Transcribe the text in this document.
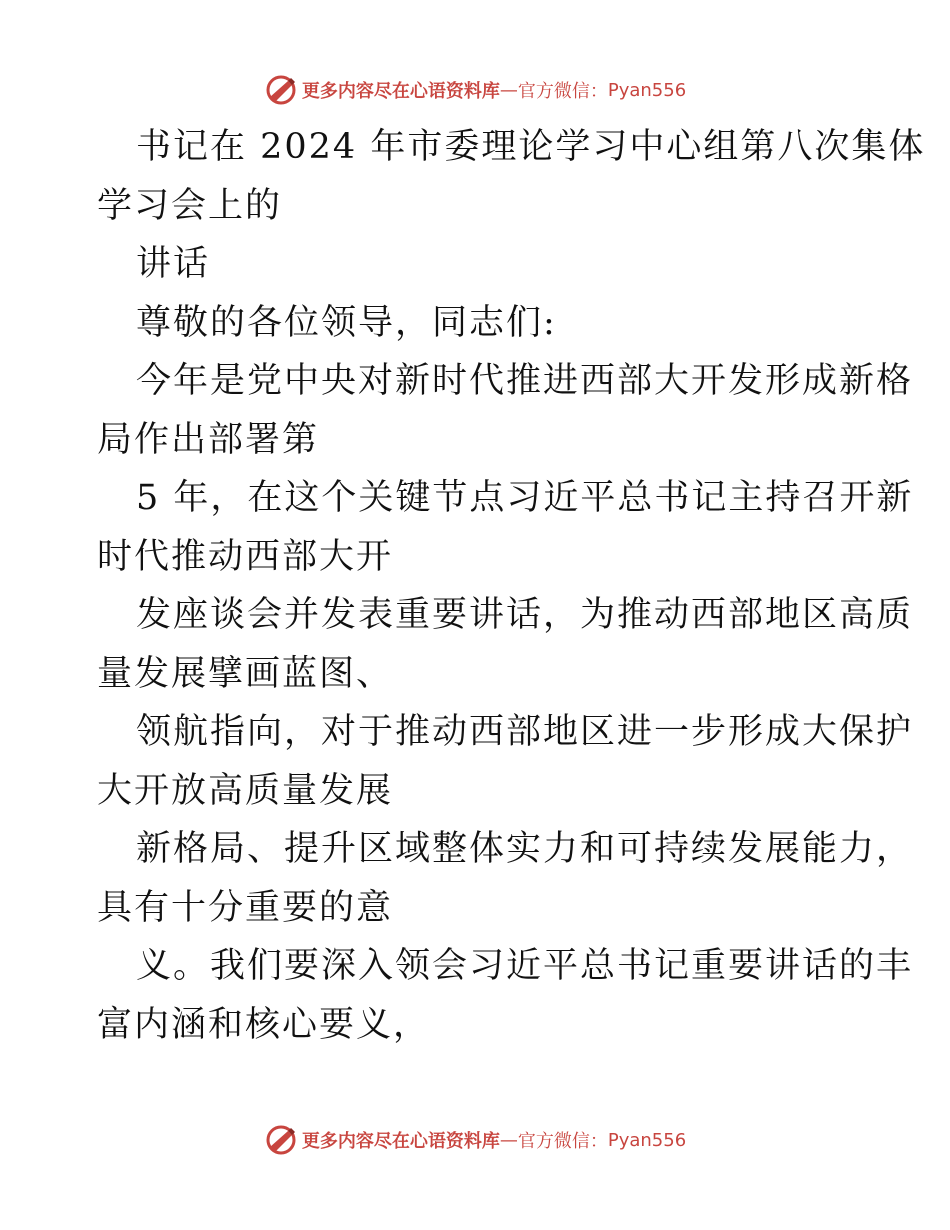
更多内容尽在心语资料库 — 官方微信： Pyan556
书记在 2024 年市委理论学习中心组第八次集体
学习会上的
讲话
尊敬的各位领导，同志们:
今年是党中央对新时代推进西部大开发形成新格
局作出部署第
5 年，在这个关键节点习近平总书记主持召开新
时代推动西部大开
发座谈会并发表重要讲话，为推动西部地区高质
量发展擘画蓝图、
领航指向，对于推动西部地区进一步形成大保护
大开放高质量发展
新格局、提升区域整体实力和可持续发展能力，
具有十分重要的意
义。我们要深入领会习近平总书记重要讲话的丰
富内涵和核心要义，
更多内容尽在心语资料库 — 官方微信： Pyan556
